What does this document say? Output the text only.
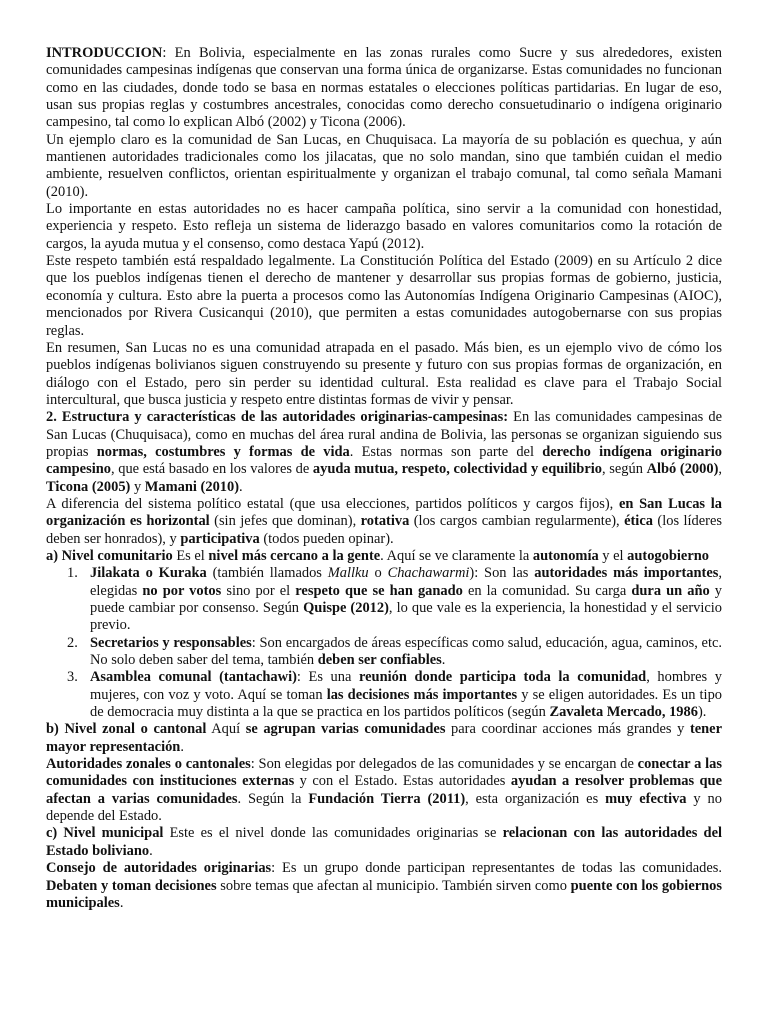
INTRODUCCION: En Bolivia, especialmente en las zonas rurales como Sucre y sus alrededores, existen comunidades campesinas indígenas que conservan una forma única de organizarse. Estas comunidades no funcionan como en las ciudades, donde todo se basa en normas estatales o elecciones políticas partidarias. En lugar de eso, usan sus propias reglas y costumbres ancestrales, conocidas como derecho consuetudinario o indígena originario campesino, tal como lo explican Albó (2002) y Ticona (2006).

Un ejemplo claro es la comunidad de San Lucas, en Chuquisaca. La mayoría de su población es quechua, y aún mantienen autoridades tradicionales como los jilacatas, que no solo mandan, sino que también cuidan el medio ambiente, resuelven conflictos, orientan espiritualmente y organizan el trabajo comunal, tal como señala Mamani (2010).

Lo importante en estas autoridades no es hacer campaña política, sino servir a la comunidad con honestidad, experiencia y respeto. Esto refleja un sistema de liderazgo basado en valores comunitarios como la rotación de cargos, la ayuda mutua y el consenso, como destaca Yapú (2012).

Este respeto también está respaldado legalmente. La Constitución Política del Estado (2009) en su Artículo 2 dice que los pueblos indígenas tienen el derecho de mantener y desarrollar sus propias formas de gobierno, justicia, economía y cultura. Esto abre la puerta a procesos como las Autonomías Indígena Originario Campesinas (AIOC), mencionados por Rivera Cusicanqui (2010), que permiten a estas comunidades autogobernarse con sus propias reglas.

En resumen, San Lucas no es una comunidad atrapada en el pasado. Más bien, es un ejemplo vivo de cómo los pueblos indígenas bolivianos siguen construyendo su presente y futuro con sus propias formas de organización, en diálogo con el Estado, pero sin perder su identidad cultural. Esta realidad es clave para el Trabajo Social intercultural, que busca justicia y respeto entre distintas formas de vivir y pensar.

2. Estructura y características de las autoridades originarias-campesinas: En las comunidades campesinas de San Lucas (Chuquisaca), como en muchas del área rural andina de Bolivia, las personas se organizan siguiendo sus propias normas, costumbres y formas de vida. Estas normas son parte del derecho indígena originario campesino, que está basado en los valores de ayuda mutua, respeto, colectividad y equilibrio, según Albó (2000), Ticona (2005) y Mamani (2010).

A diferencia del sistema político estatal (que usa elecciones, partidos políticos y cargos fijos), en San Lucas la organización es horizontal (sin jefes que dominan), rotativa (los cargos cambian regularmente), ética (los líderes deben ser honrados), y participativa (todos pueden opinar).

a) Nivel comunitario Es el nivel más cercano a la gente. Aquí se ve claramente la autonomía y el autogobierno

1. Jilakata o Kuraka (también llamados Mallku o Chachawarmi): Son las autoridades más importantes, elegidas no por votos sino por el respeto que se han ganado en la comunidad. Su carga dura un año y puede cambiar por consenso. Según Quispe (2012), lo que vale es la experiencia, la honestidad y el servicio previo.
2. Secretarios y responsables: Son encargados de áreas específicas como salud, educación, agua, caminos, etc. No solo deben saber del tema, también deben ser confiables.
3. Asamblea comunal (tantachawi): Es una reunión donde participa toda la comunidad, hombres y mujeres, con voz y voto. Aquí se toman las decisiones más importantes y se eligen autoridades. Es un tipo de democracia muy distinta a la que se practica en los partidos políticos (según Zavaleta Mercado, 1986).

b) Nivel zonal o cantonal Aquí se agrupan varias comunidades para coordinar acciones más grandes y tener mayor representación.

Autoridades zonales o cantonales: Son elegidas por delegados de las comunidades y se encargan de conectar a las comunidades con instituciones externas y con el Estado. Estas autoridades ayudan a resolver problemas que afectan a varias comunidades. Según la Fundación Tierra (2011), esta organización es muy efectiva y no depende del Estado.

c) Nivel municipal Este es el nivel donde las comunidades originarias se relacionan con las autoridades del Estado boliviano.

Consejo de autoridades originarias: Es un grupo donde participan representantes de todas las comunidades. Debaten y toman decisiones sobre temas que afectan al municipio. También sirven como puente con los gobiernos municipales.
